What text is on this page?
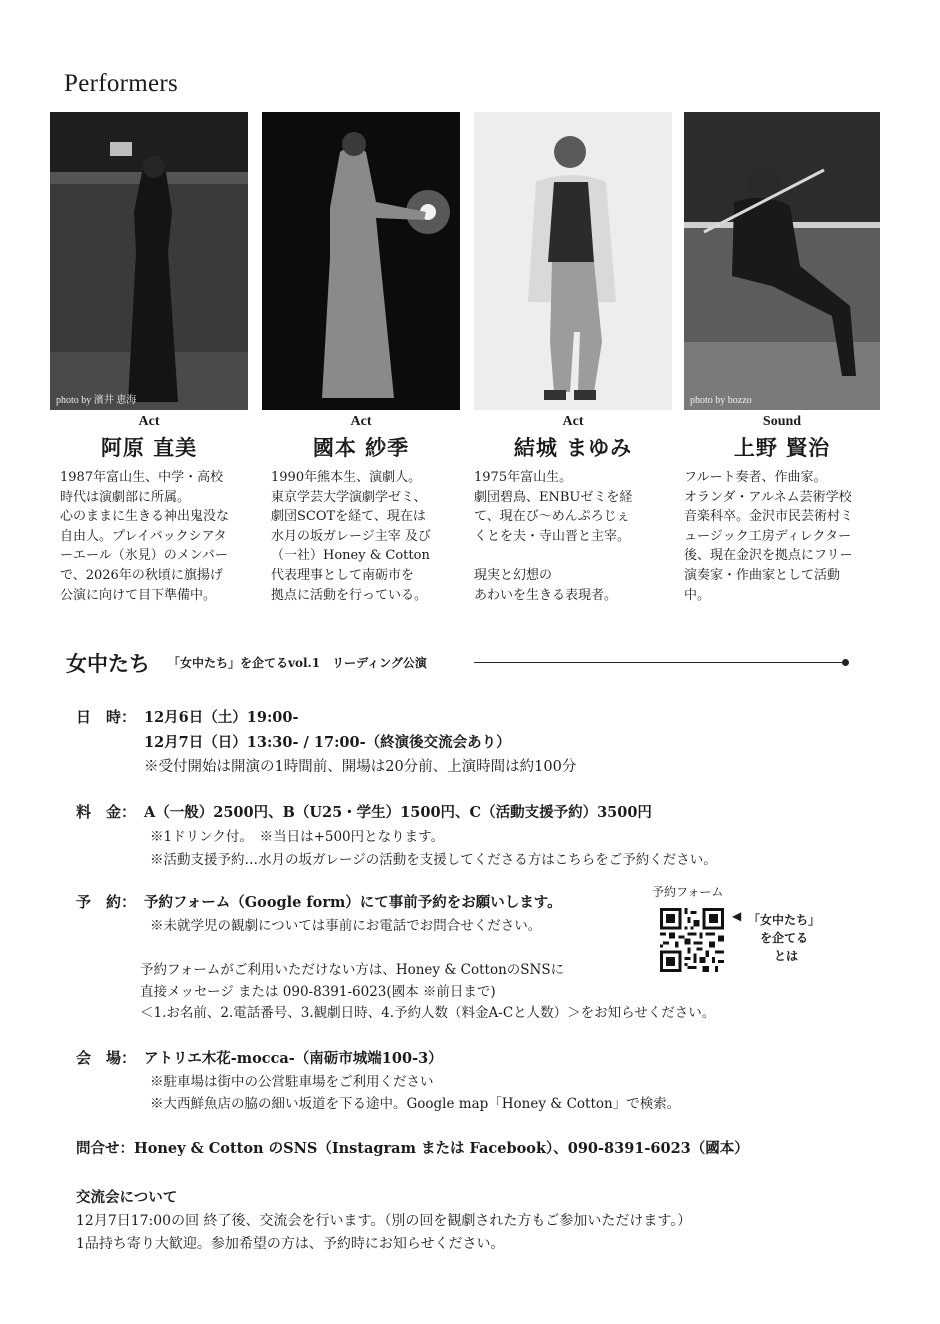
Performers
photo by 濱井 恵海	photo by bozzo
Act
阿原 直美
Act
國本 紗季
Act
結城 まゆみ
Sound
上野 賢治
1987年富山生、中学・高校
時代は演劇部に所属。
心のままに生きる神出鬼没な
自由人。プレイバックシアタ
ーエール（氷見）のメンバー
で、2026年の秋頃に旗揚げ
公演に向けて目下準備中。
1990年熊本生、演劇人。
東京学芸大学演劇学ゼミ、
劇団SCOTを経て、現在は
水月の坂ガレージ主宰 及び
（一社）Honey & Cotton
代表理事として南砺市を
拠点に活動を行っている。
1975年富山生。
劇団碧鳥、ENBUゼミを経
て、現在び～めんぷろじぇ
くとを夫・寺山晋と主宰。
現実と幻想の
あわいを生きる表現者。
フルート奏者、作曲家。
オランダ・アルネム芸術学校
音楽科卒。金沢市民芸術村ミ
ュージック工房ディレクター
後、現在金沢を拠点にフリー
演奏家・作曲家として活動
中。
女中たち 「女中たち」を企てるvol.1　リーディング公演
日　時： 12月6日（土）19:00-
12月7日（日）13:30- / 17:00-（終演後交流会あり）
※受付開始は開演の1時間前、開場は20分前、上演時間は約100分
料　金： A（一般）2500円、B（U25・学生）1500円、C（活動支援予約）3500円
※1ドリンク付。　※当日は+500円となります。
※活動支援予約…水月の坂ガレージの活動を支援してくださる方はこちらをご予約ください。
予　約： 予約フォーム（Google form）にて事前予約をお願いします。
※未就学児の観劇については事前にお電話でお問合せください。
予約フォームがご利用いただけない方は、Honey & CottonのSNSに
直接メッセージ または 090-8391-6023(國本 ※前日まで)
＜1.お名前、2.電話番号、3.観劇日時、4.予約人数（料金A-Cと人数）＞をお知らせください。
予約フォーム
◀ 「女中たち」
を企てる
とは
会　場： アトリエ木花-mocca-（南砺市城端100-3）
※駐車場は街中の公営駐車場をご利用ください
※大西鮮魚店の脇の細い坂道を下る途中。Google map「Honey & Cotton」で検索。
問合せ：Honey & Cotton のSNS（Instagram または Facebook）、090-8391-6023（國本）
交流会について
12月7日17:00の回 終了後、交流会を行います。（別の回を観劇された方もご参加いただけます。）
1品持ち寄り大歓迎。参加希望の方は、予約時にお知らせください。
